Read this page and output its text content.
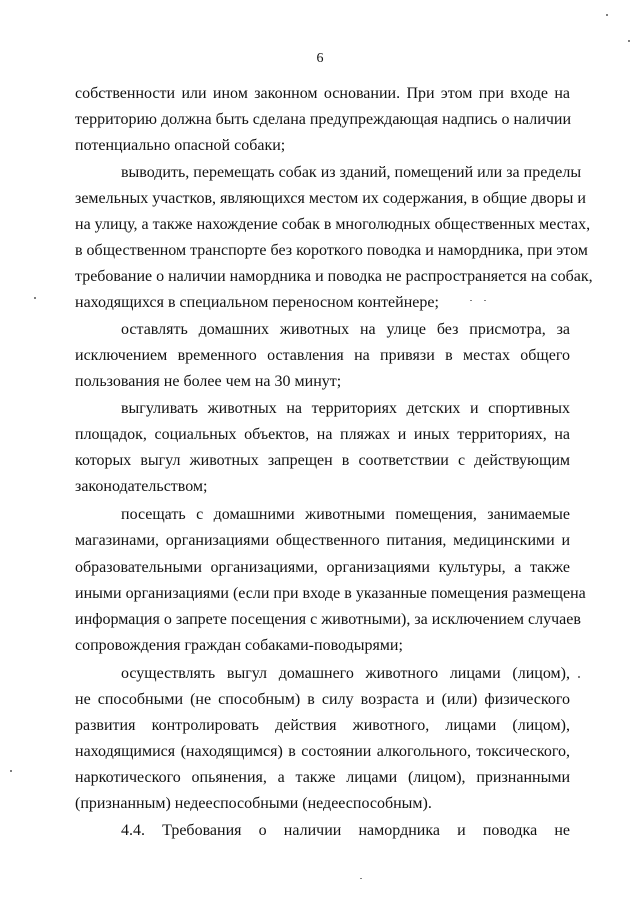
6
собственности или ином законном основании. При этом при входе на
территорию должна быть сделана предупреждающая надпись о наличии
потенциально опасной собаки;
выводить, перемещать собак из зданий, помещений или за пределы
земельных участков, являющихся местом их содержания, в общие дворы и
на улицу, а также нахождение собак в многолюдных общественных местах,
в общественном транспорте без короткого поводка и намордника, при этом
требование о наличии намордника и поводка не распространяется на собак,
находящихся в специальном переносном контейнере;
оставлять домашних животных на улице без присмотра, за
исключением временного оставления на привязи в местах общего
пользования не более чем на 30 минут;
выгуливать животных на территориях детских и спортивных
площадок, социальных объектов, на пляжах и иных территориях, на
которых выгул животных запрещен в соответствии с действующим
законодательством;
посещать с домашними животными помещения, занимаемые
магазинами, организациями общественного питания, медицинскими и
образовательными организациями, организациями культуры, а также
иными организациями (если при входе в указанные помещения размещена
информация о запрете посещения с животными), за исключением случаев
сопровождения граждан собаками-поводырями;
осуществлять выгул домашнего животного лицами (лицом),
не способными (не способным) в силу возраста и (или) физического
развития контролировать действия животного, лицами (лицом),
находящимися (находящимся) в состоянии алкогольного, токсического,
наркотического опьянения, а также лицами (лицом), признанными
(признанным) недееспособными (недееспособным).
4.4. Требования о наличии намордника и поводка не
